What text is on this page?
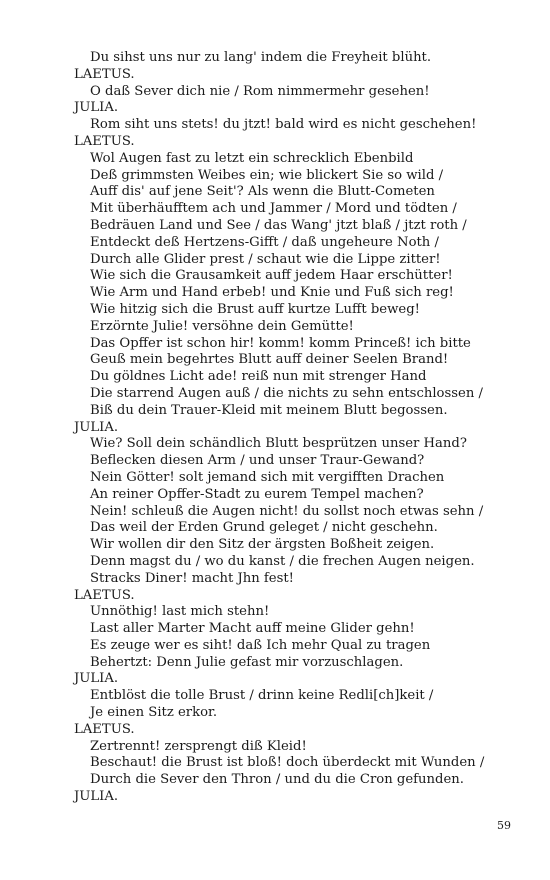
Du sihst uns nur zu lang' indem die Freyheit blüht.
LAETUS.
O daß Sever dich nie / Rom nimmermehr gesehen!
JULIA.
Rom siht uns stets! du jtzt! bald wird es nicht geschehen!
LAETUS.
Wol Augen fast zu letzt ein schrecklich Ebenbild
Deß grimmsten Weibes ein; wie blickert Sie so wild /
Auff dis' auf jene Seit'? Als wenn die Blutt-Cometen
Mit überhäufftem ach und Jammer / Mord und tödten /
Bedräuen Land und See / das Wang' jtzt blaß / jtzt roth /
Entdeckt deß Hertzens-Gifft / daß ungeheure Noth /
Durch alle Glider prest / schaut wie die Lippe zitter!
Wie sich die Grausamkeit auff jedem Haar erschütter!
Wie Arm und Hand erbeb! und Knie und Fuß sich reg!
Wie hitzig sich die Brust auff kurtze Lufft beweg!
Erzörnte Julie! versöhne dein Gemütte!
Das Opffer ist schon hir! komm! komm Princeß! ich bitte
Geuß mein begehrtes Blutt auff deiner Seelen Brand!
Du göldnes Licht ade! reiß nun mit strenger Hand
Die starrend Augen auß / die nichts zu sehn entschlossen /
Biß du dein Trauer-Kleid mit meinem Blutt begossen.
JULIA.
Wie? Soll dein schändlich Blutt besprützen unser Hand?
Beflecken diesen Arm / und unser Traur-Gewand?
Nein Götter! solt jemand sich mit vergifften Drachen
An reiner Opffer-Stadt zu eurem Tempel machen?
Nein! schleuß die Augen nicht! du sollst noch etwas sehn /
Das weil der Erden Grund geleget / nicht geschehn.
Wir wollen dir den Sitz der ärgsten Boßheit zeigen.
Denn magst du / wo du kanst / die frechen Augen neigen.
Stracks Diner! macht Jhn fest!
LAETUS.
Unnöthig! last mich stehn!
Last aller Marter Macht auff meine Glider gehn!
Es zeuge wer es siht! daß Ich mehr Qual zu tragen
Behertzt: Denn Julie gefast mir vorzuschlagen.
JULIA.
Entblöst die tolle Brust / drinn keine Redli[ch]keit /
Je einen Sitz erkor.
LAETUS.
Zertrennt! zersprengt diß Kleid!
Beschaut! die Brust ist bloß! doch überdeckt mit Wunden /
Durch die Sever den Thron / und du die Cron gefunden.
JULIA.
59
